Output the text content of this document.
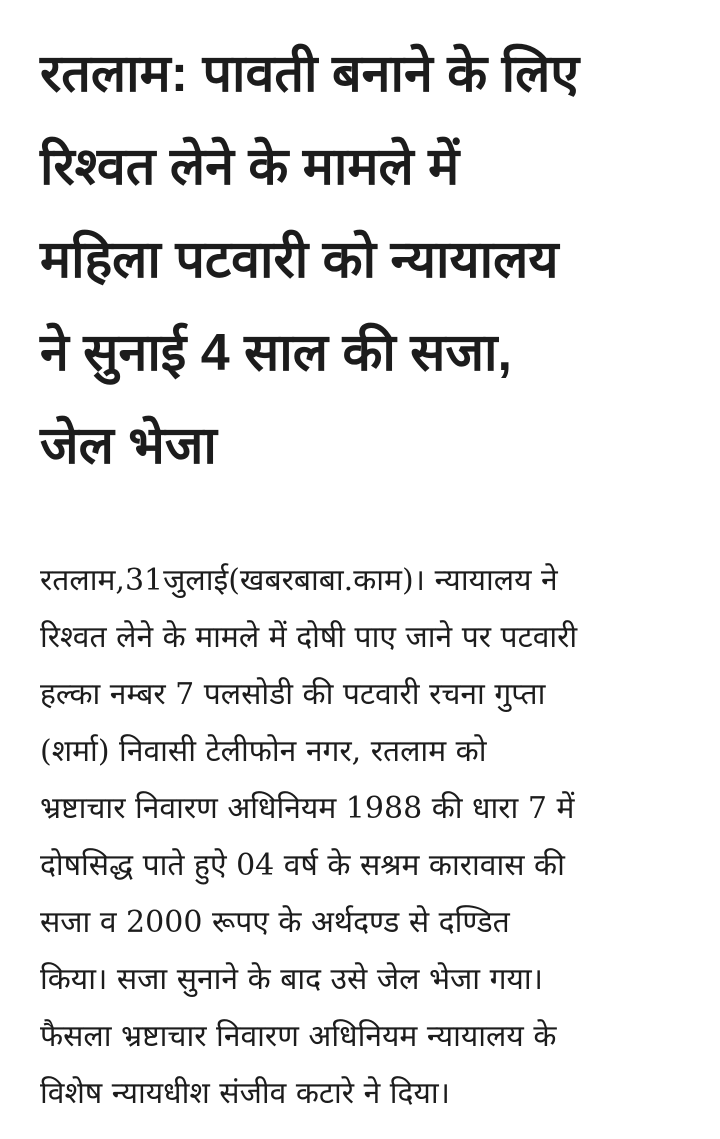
रतलाम: पावती बनाने के लिए
रिश्वत लेने के मामले में
महिला पटवारी को न्यायालय
ने सुनाई 4 साल की सजा,
जेल भेजा

रतलाम,31जुलाई(खबरबाबा.काम)। न्यायालय ने
रिश्वत लेने के मामले में दोषी पाए जाने पर पटवारी
हल्का नम्बर 7 पलसोडी की पटवारी रचना गुप्ता
(शर्मा) निवासी टेलीफोन नगर, रतलाम को
भ्रष्टाचार निवारण अधिनियम 1988 की धारा 7 में
दोषसिद्ध पाते हुऐ 04 वर्ष के सश्रम कारावास की
सजा व 2000 रूपए के अर्थदण्ड से दण्डित
किया। सजा सुनाने के बाद उसे जेल भेजा गया।
फैसला भ्रष्टाचार निवारण अधिनियम न्यायालय के
विशेष न्यायधीश संजीव कटारे ने दिया।
